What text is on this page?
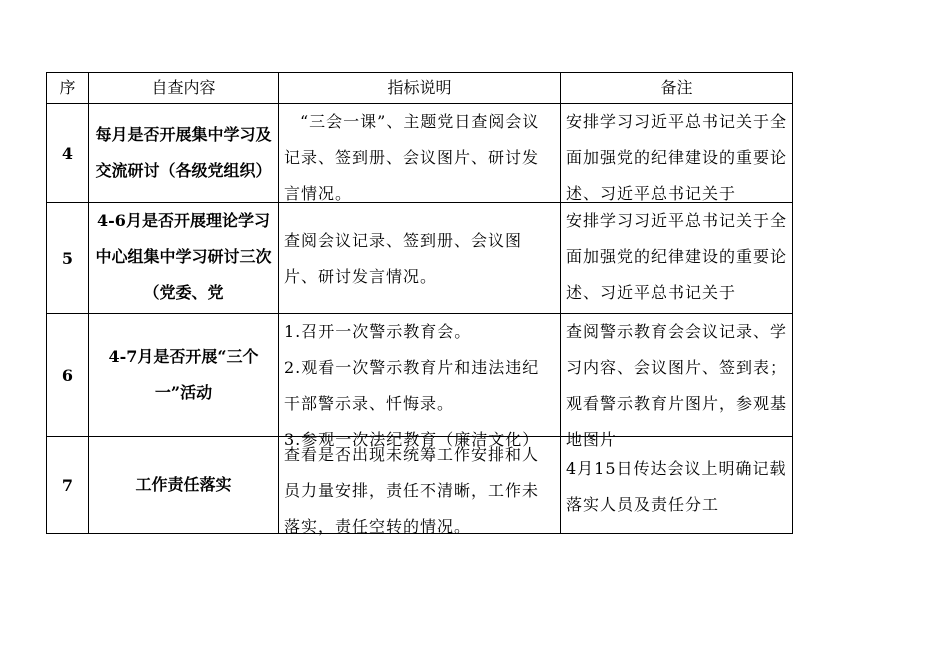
序	自查内容	指标说明	备注
4	每月是否开展集中学习及交流研讨（各级党组织）	“三会一课”、主题党日查阅会议记录、签到册、会议图片、研讨发言情况。	安排学习习近平总书记关于全面加强党的纪律建设的重要论述、习近平总书记关于

5	4-6月是否开展理论学习中心组集中学习研讨三次　（党委、党	查阅会议记录、签到册、会议图片、研讨发言情况。	安排学习习近平总书记关于全面加强党的纪律建设的重要论述、习近平总书记关于

6	4-7月是否开展“三个一”活动	1.召开一次警示教育会。
2.观看一次警示教育片和违法违纪干部警示录、忏悔录。
3.参观一次法纪教育（廉洁文化）	查阅警示教育会会议记录、学习内容、会议图片、签到表；观看警示教育片图片，参观基地图片

7	工作责任落实	查看是否出现未统筹工作安排和人员力量安排，责任不清晰，工作未落实，责任空转的情况。	4月15日传达会议上明确记载落实人员及责任分工
